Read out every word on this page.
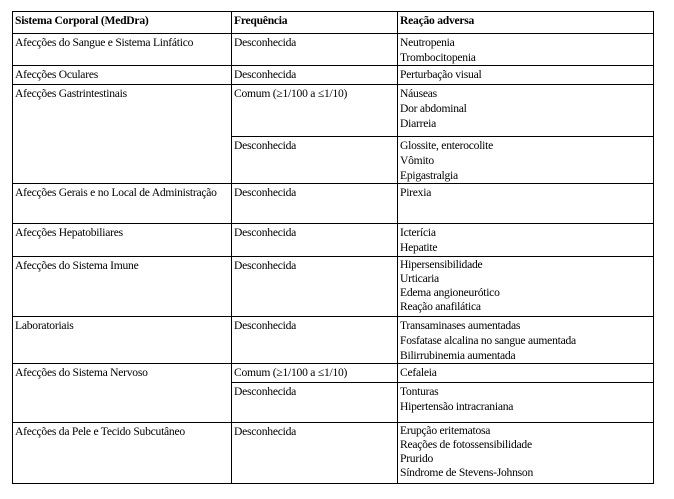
Sistema Corporal (MedDra)	Frequência	Reação adversa
Afecções do Sangue e Sistema Linfático	Desconhecida	Neutropenia
Trombocitopenia

Afecções Oculares	Desconhecida	Perturbação visual

Afecções Gastrintestinais	Comum (≥1/100 a ≤1/10)	Náuseas
Dor abdominal
Diarreia

	Desconhecida	Glossite, enterocolite
Vômito
Epigastralgia

Afecções Gerais e no Local de Administração	Desconhecida	Pirexia

Afecções Hepatobiliares	Desconhecida	Icterícia
Hepatite

Afecções do Sistema Imune	Desconhecida	Hipersensibilidade
Urticaria
Edema angioneurótico
Reação anafilática

Laboratoriais	Desconhecida	Transaminases aumentadas
Fosfatase alcalina no sangue aumentada
Bilirrubinemia aumentada

Afecções do Sistema Nervoso	Comum (≥1/100 a ≤1/10)	Cefaleia

	Desconhecida	Tonturas
Hipertensão intracraniana

Afecções da Pele e Tecido Subcutâneo	Desconhecida	Erupção eritematosa
Reações de fotossensibilidade
Prurido
Síndrome de Stevens-Johnson
